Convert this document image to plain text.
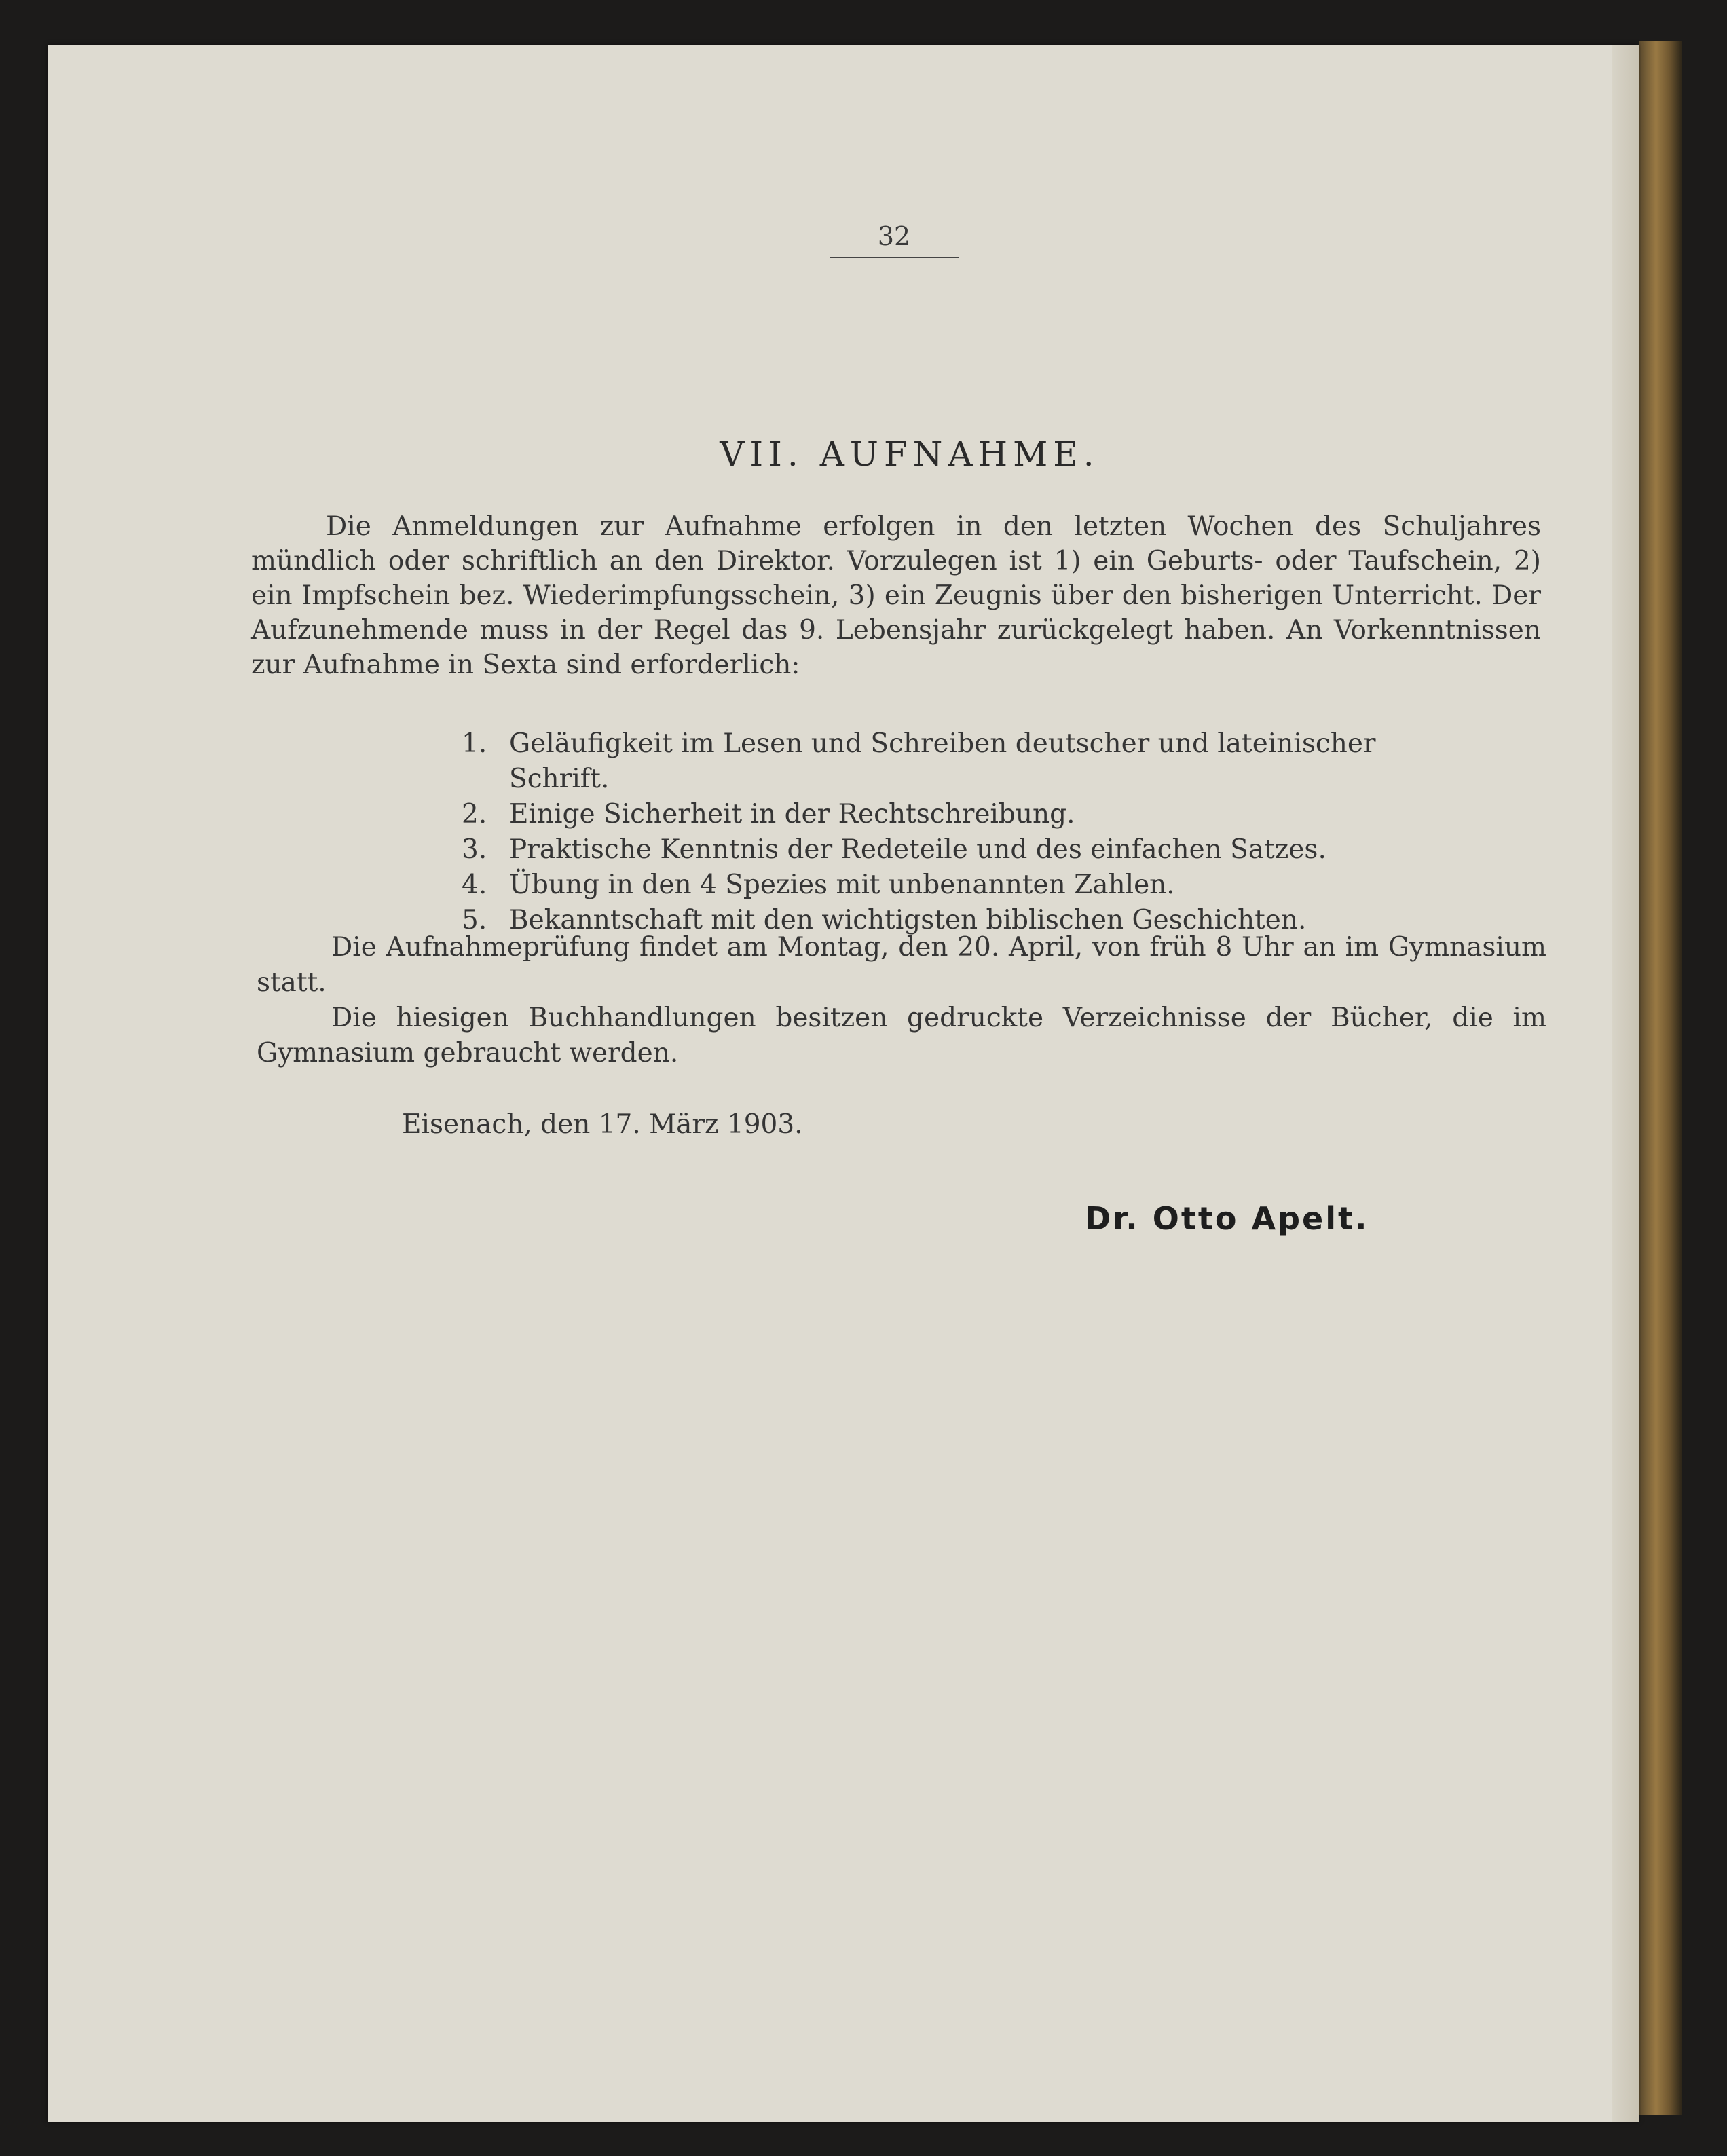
32
VII. AUFNAHME.

Die Anmeldungen zur Aufnahme erfolgen in den letzten Wochen des Schuljahres mündlich oder schriftlich an den Direktor. Vorzulegen ist 1) ein Geburts- oder Taufschein, 2) ein Impfschein bez. Wiederimpfungsschein, 3) ein Zeugnis über den bisherigen Unterricht. Der Aufzunehmende muss in der Regel das 9. Lebensjahr zurückgelegt haben. An Vorkenntnissen zur Aufnahme in Sexta sind erforderlich:

1. Geläufigkeit im Lesen und Schreiben deutscher und lateinischer Schrift.
2. Einige Sicherheit in der Rechtschreibung.
3. Praktische Kenntnis der Redeteile und des einfachen Satzes.
4. Übung in den 4 Spezies mit unbenannten Zahlen.
5. Bekanntschaft mit den wichtigsten biblischen Geschichten.

Die Aufnahmeprüfung findet am Montag, den 20. April, von früh 8 Uhr an im Gymnasium statt.

Die hiesigen Buchhandlungen besitzen gedruckte Verzeichnisse der Bücher, die im Gymnasium gebraucht werden.

Eisenach, den 17. März 1903.
Dr. Otto Apelt.
